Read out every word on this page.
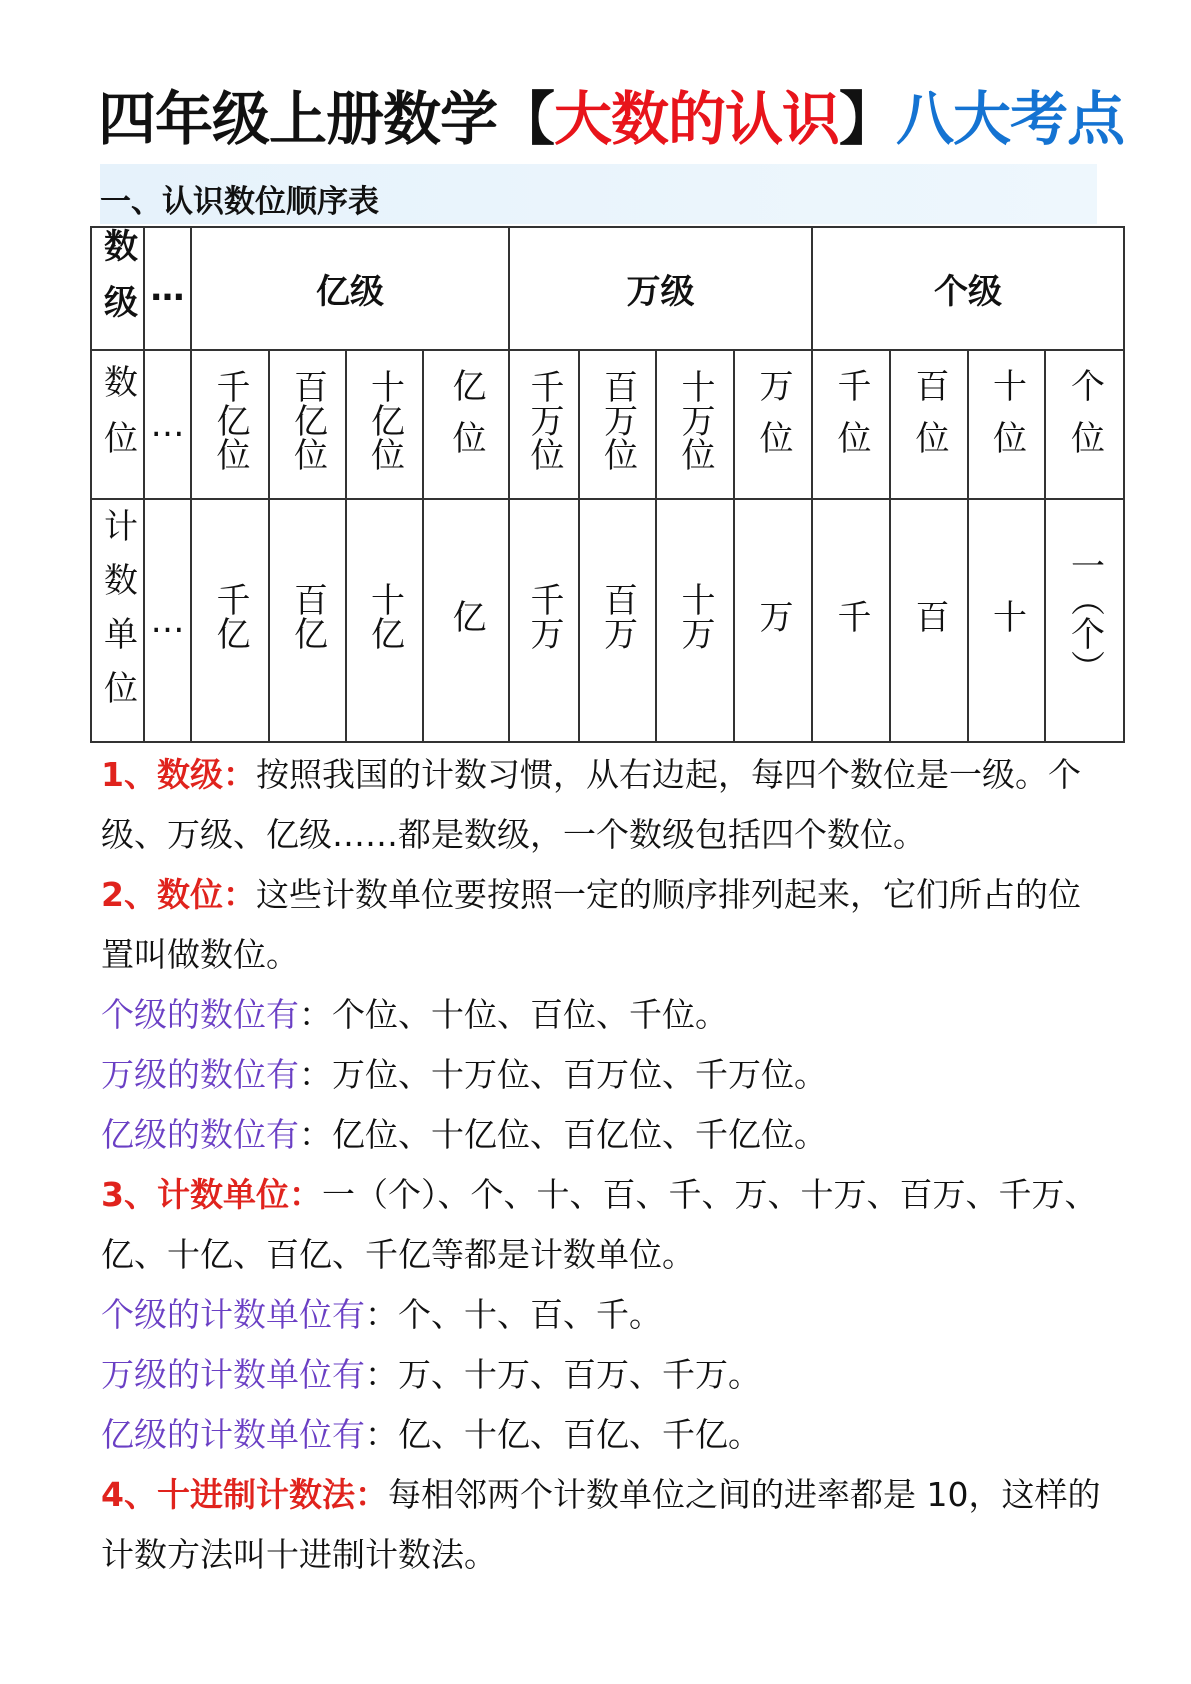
四年级上册数学【大数的认识】八大考点
一、认识数位顺序表
数级	…	亿级				万级				个级			
数位	…	千亿位	百亿位	十亿位	亿位	千万位	百万位	十万位	万位	千位	百位	十位	个位
计数单位	…	千亿	百亿	十亿	亿	千万	百万	十万	万	千	百	十	一（个）

1、数级：按照我国的计数习惯，从右边起，每四个数位是一级。个级、万级、亿级……都是数级，一个数级包括四个数位。

2、数位：这些计数单位要按照一定的顺序排列起来，它们所占的位置叫做数位。

个级的数位有：个位、十位、百位、千位。

万级的数位有：万位、十万位、百万位、千万位。

亿级的数位有：亿位、十亿位、百亿位、千亿位。

3、计数单位：一（个）、个、十、百、千、万、十万、百万、千万、亿、十亿、百亿、千亿等都是计数单位。

个级的计数单位有：个、十、百、千。

万级的计数单位有：万、十万、百万、千万。

亿级的计数单位有：亿、十亿、百亿、千亿。

4、十进制计数法：每相邻两个计数单位之间的进率都是 10，这样的计数方法叫十进制计数法。
